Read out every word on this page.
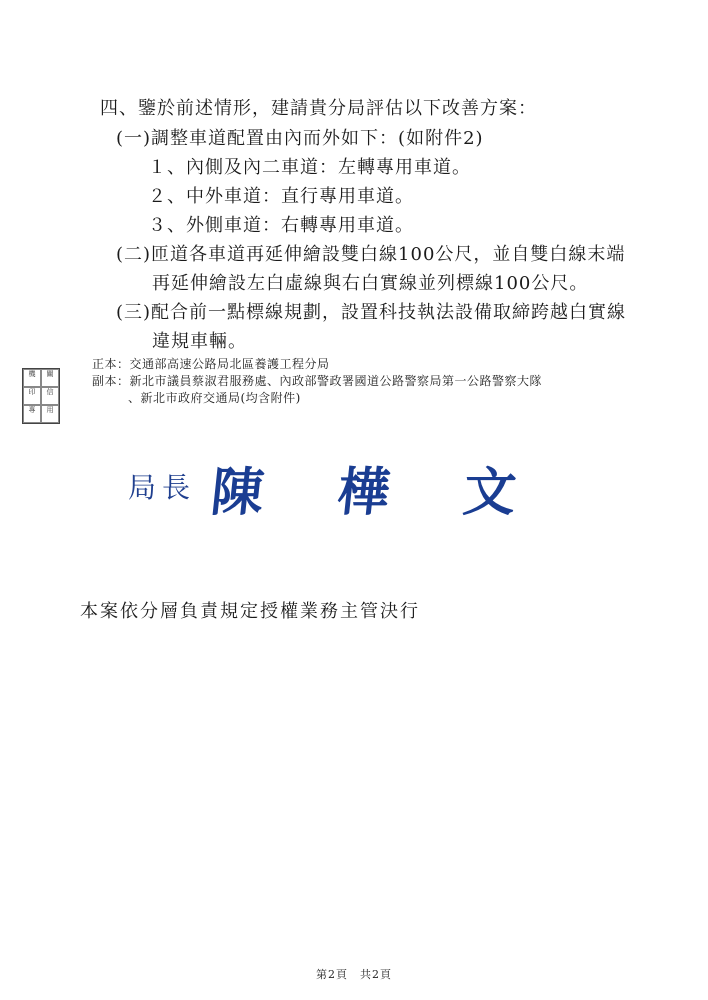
四、鑒於前述情形，建請貴分局評估以下改善方案：
(一)調整車道配置由內而外如下：(如附件2)
１、內側及內二車道：左轉專用車道。
２、中外車道：直行專用車道。
３、外側車道：右轉專用車道。
(二)匝道各車道再延伸繪設雙白線100公尺，並自雙白線末端
再延伸繪設左白虛線與右白實線並列標線100公尺。
(三)配合前一點標線規劃，設置科技執法設備取締跨越白實線
違規車輛。
正本：交通部高速公路局北區養護工程分局
副本：新北市議員蔡淑君服務處、內政部警政署國道公路警察局第一公路警察大隊
、新北市政府交通局(均含附件)
機	關
印	信
專	用
局長 陳 樺 文
本案依分層負責規定授權業務主管決行
第2頁　共2頁
